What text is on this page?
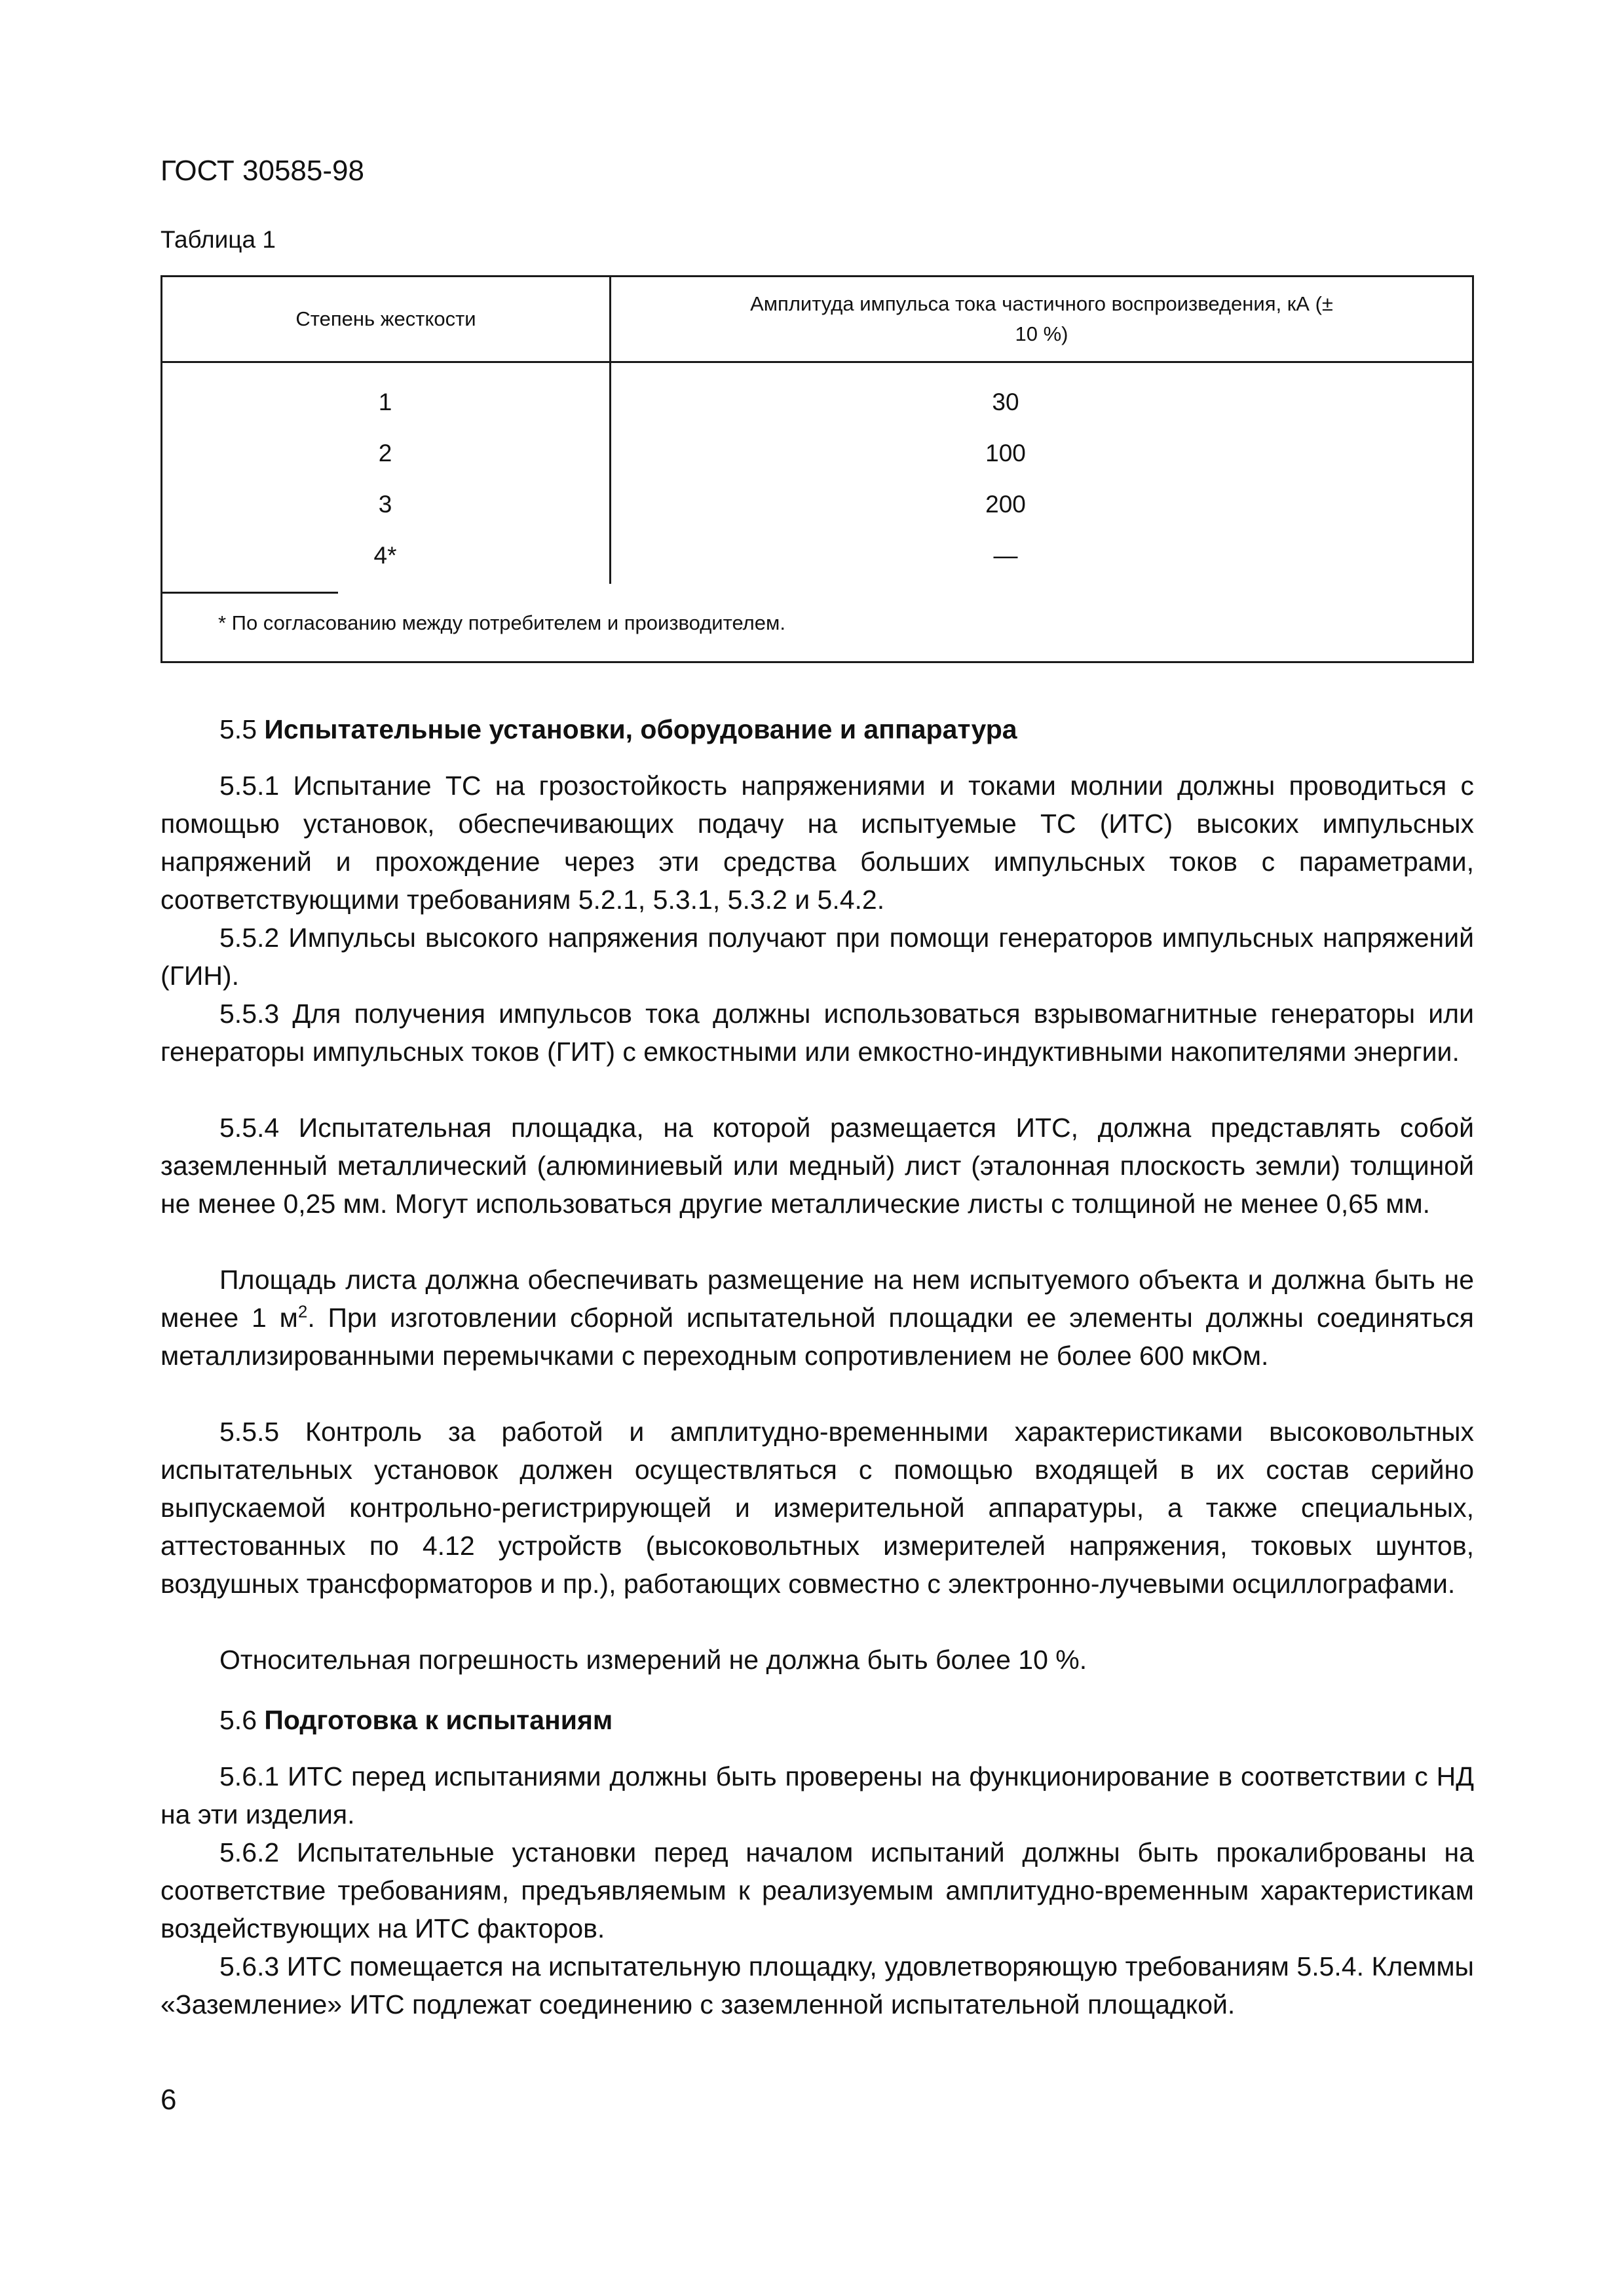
ГОСТ 30585-98
Таблица 1
Степень жесткости
Амплитуда импульса тока частичного воспроизведения, кА (± 10 %)
1	30
2	100
3	200
4*	—
* По согласованию между потребителем и производителем.
5.5 Испытательные установки, оборудование и аппаратура

5.5.1 Испытание ТС на грозостойкость напряжениями и токами молнии должны проводиться с помощью установок, обеспечивающих подачу на испытуемые ТС (ИТС) высоких импульсных напряжений и прохождение через эти средства больших импульсных токов с параметрами, соответствующими требованиям 5.2.1, 5.3.1, 5.3.2 и 5.4.2.

5.5.2 Импульсы высокого напряжения получают при помощи генераторов импульсных напряжений (ГИН).

5.5.3 Для получения импульсов тока должны использоваться взрывомагнитные генераторы или генераторы импульсных токов (ГИТ) с емкостными или емкостно-индуктивными накопителями энергии.

5.5.4 Испытательная площадка, на которой размещается ИТС, должна представлять собой заземленный металлический (алюминиевый или медный) лист (эталонная плоскость земли) толщиной не менее 0,25 мм. Могут использоваться другие металлические листы с толщиной не менее 0,65 мм.

Площадь листа должна обеспечивать размещение на нем испытуемого объекта и должна быть не менее 1 $м^2$. При изготовлении сборной испытательной площадки ее элементы должны соединяться металлизированными перемычками с переходным сопротивлением не более 600 мкОм.

5.5.5 Контроль за работой и амплитудно-временными характеристиками высоковольтных испытательных установок должен осуществляться с помощью входящей в их состав серийно выпускаемой контрольно-регистрирующей и измерительной аппаратуры, а также специальных, аттестованных по 4.12 устройств (высоковольтных измерителей напряжения, токовых шунтов, воздушных трансформаторов и пр.), работающих совместно с электронно-лучевыми осциллографами.

Относительная погрешность измерений не должна быть более 10 %.

5.6 Подготовка к испытаниям

5.6.1 ИТС перед испытаниями должны быть проверены на функционирование в соответствии с НД на эти изделия.

5.6.2 Испытательные установки перед началом испытаний должны быть прокалиброваны на соответствие требованиям, предъявляемым к реализуемым амплитудно-временным характеристикам воздействующих на ИТС факторов.

5.6.3 ИТС помещается на испытательную площадку, удовлетворяющую требованиям 5.5.4. Клеммы «Заземление» ИТС подлежат соединению с заземленной испытательной площадкой.

6
